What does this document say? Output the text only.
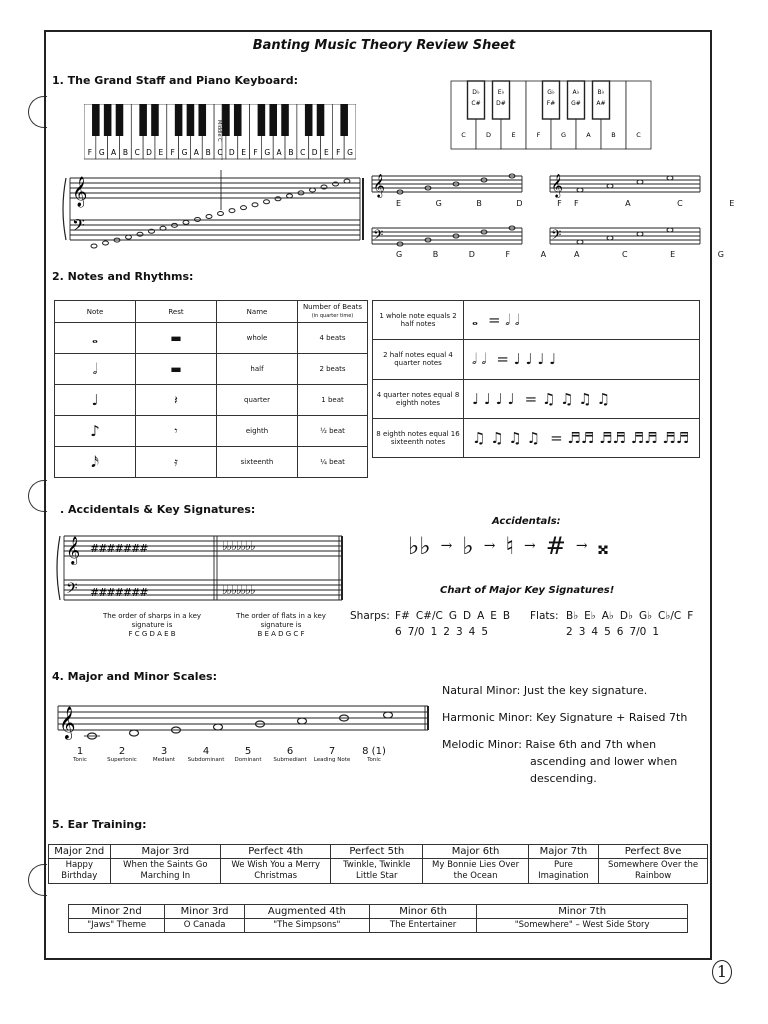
Banting Music Theory Review Sheet
1. The Grand Staff and Piano Keyboard:
F G A B C D E F G A B C D E F G A B C D E F G
Middle C	C	D	E	F	G	A	B	C
D♭
C#
E♭
D#
G♭
F#
A♭
G#
B♭
A#
𝄞
𝄢
𝄞
E G B D F
𝄞
F A C E
𝄢
G B D F A
𝄢
A C E G
2. Notes and Rhythms:
Note	Rest	Name	Number of Beats
(in quarter time)
𝅝	▬	whole	4 beats
𝅗𝅥	▬	half	2 beats
♩	𝄽	quarter	1 beat
♪	𝄾	eighth	½ beat
𝅘𝅥𝅯	𝄿	sixteenth	¼ beat
1 whole note equals 2 half notes	𝅝 = 𝅗𝅥 𝅗𝅥
2 half notes equal 4 quarter notes	𝅗𝅥 𝅗𝅥 = ♩ ♩ ♩ ♩
4 quarter notes equal 8 eighth notes	♩ ♩ ♩ ♩ = ♫ ♫ ♫ ♫
8 eighth notes equal 16 sixteenth notes	♫ ♫ ♫ ♫ = ♬♬ ♬♬ ♬♬ ♬♬
. Accidentals & Key Signatures:
𝄞
𝄢
#######
#######
♭♭♭♭♭♭♭
♭♭♭♭♭♭♭
The order of sharps in a key signature is
F C G D A E B
The order of flats in a key signature is
B E A D G C F
Accidentals:
♭♭ → ♭ → ♮ → # → 𝄪
Chart of Major Key Signatures!
Sharps: F# C#/C G D A E B
6 7/0 1 2 3 4 5
Flats: B♭ E♭ A♭ D♭ G♭ C♭/C F
2 3 4 5 6 7/0 1
4. Major and Minor Scales:
𝄞
1
Tonic
2
Supertonic
3
Mediant
4
Subdominant
5
Dominant
6
Submediant
7
Leading Note
8 (1)
Tonic
Natural Minor: Just the key signature.
Harmonic Minor: Key Signature + Raised 7th
Melodic Minor: Raise 6th and 7th when
ascending and lower when
descending.
5. Ear Training:
Major 2nd	Major 3rd	Perfect 4th	Perfect 5th	Major 6th	Major 7th	Perfect 8ve
Happy Birthday	When the Saints Go Marching In	We Wish You a Merry Christmas	Twinkle, Twinkle Little Star	My Bonnie Lies Over the Ocean	Pure Imagination	Somewhere Over the Rainbow
Minor 2nd	Minor 3rd	Augmented 4th	Minor 6th	Minor 7th
"Jaws" Theme	O Canada	"The Simpsons"	The Entertainer	"Somewhere" – West Side Story
1
